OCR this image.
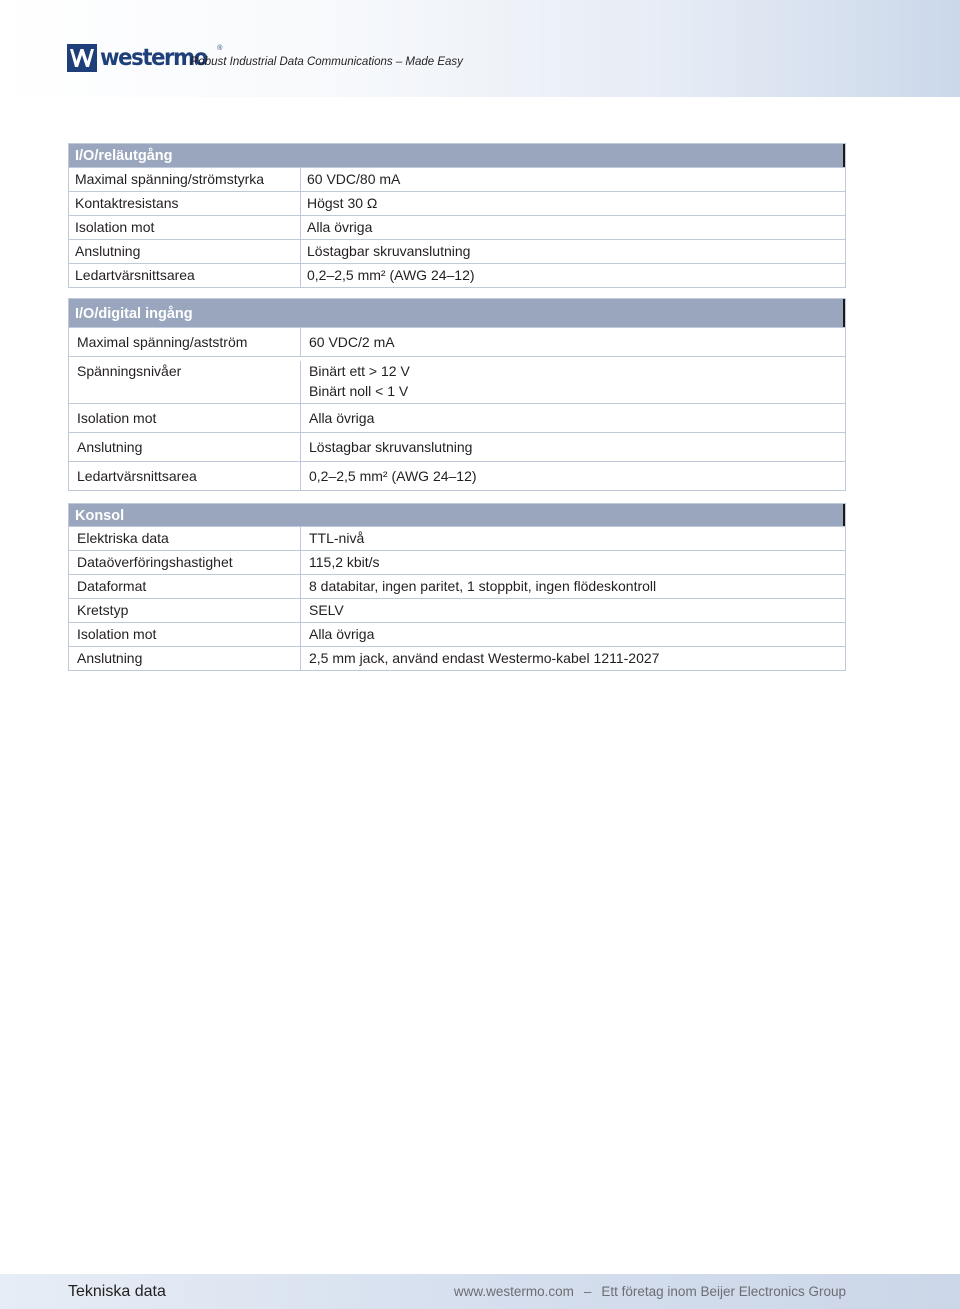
westermo ®
Robust Industrial Data Communications – Made Easy
I/O/reläutgång
Maximal spänning/strömstyrka	60 VDC/80 mA
Kontaktresistans	Högst 30 Ω
Isolation mot	Alla övriga
Anslutning	Löstagbar skruvanslutning
Ledartvärsnittsarea	0,2–2,5 mm² (AWG 24–12)
I/O/digital ingång
Maximal spänning/astström	60 VDC/2 mA
Spänningsnivåer	Binärt ett > 12 V
Binärt noll < 1 V
Isolation mot	Alla övriga
Anslutning	Löstagbar skruvanslutning
Ledartvärsnittsarea	0,2–2,5 mm² (AWG 24–12)
Konsol
Elektriska data	TTL-nivå
Dataöverföringshastighet	115,2 kbit/s
Dataformat	8 databitar, ingen paritet, 1 stoppbit, ingen flödeskontroll
Kretstyp	SELV
Isolation mot	Alla övriga
Anslutning	2,5 mm jack, använd endast Westermo-kabel 1211-2027
Tekniska data	www.westermo.com – Ett företag inom Beijer Electronics Group
